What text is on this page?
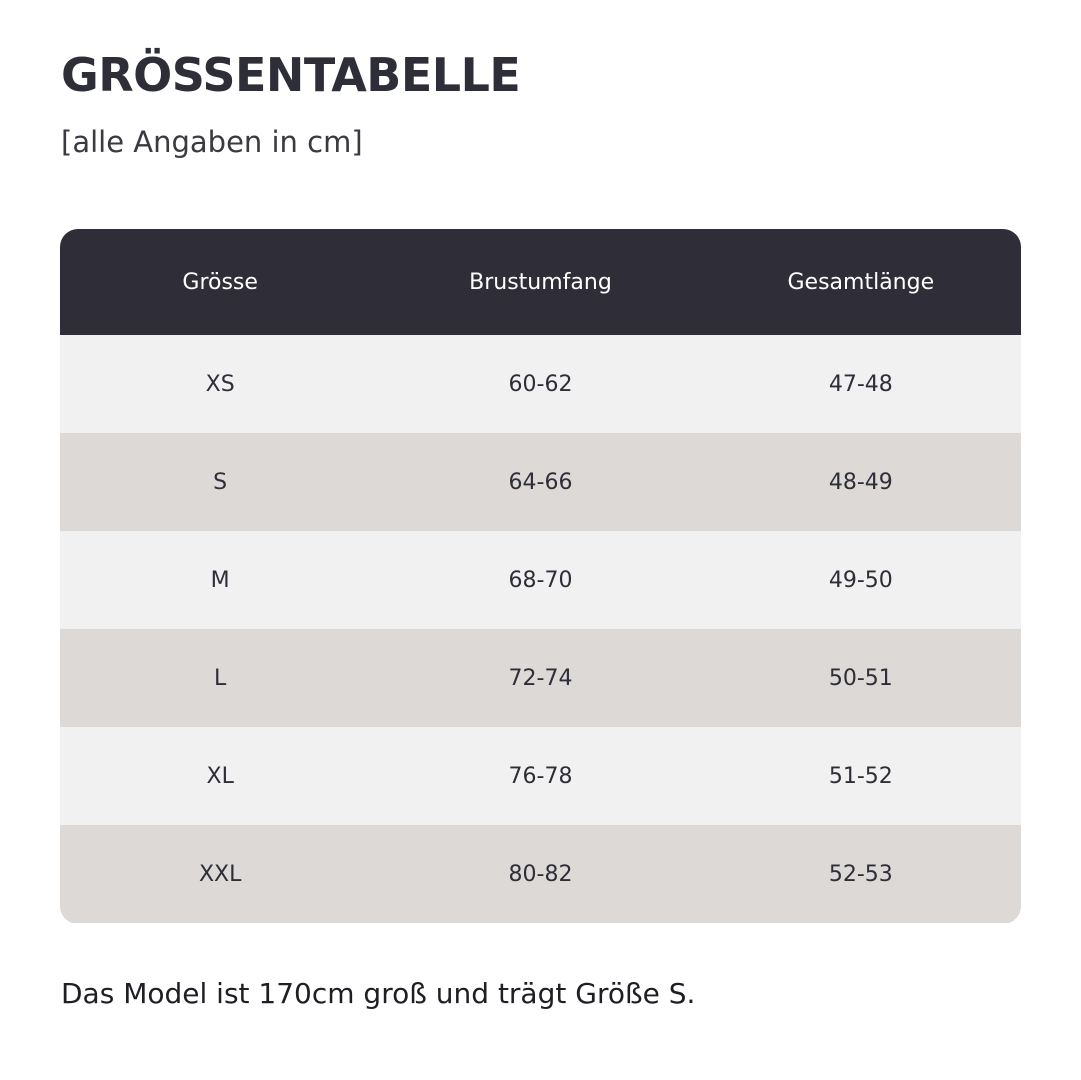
GRÖSSENTABELLE
[alle Angaben in cm]
Grösse	Brustumfang	Gesamtlänge
XS	60-62	47-48
S	64-66	48-49
M	68-70	49-50
L	72-74	50-51
XL	76-78	51-52
XXL	80-82	52-53

Das Model ist 170cm groß und trägt Größe S.
